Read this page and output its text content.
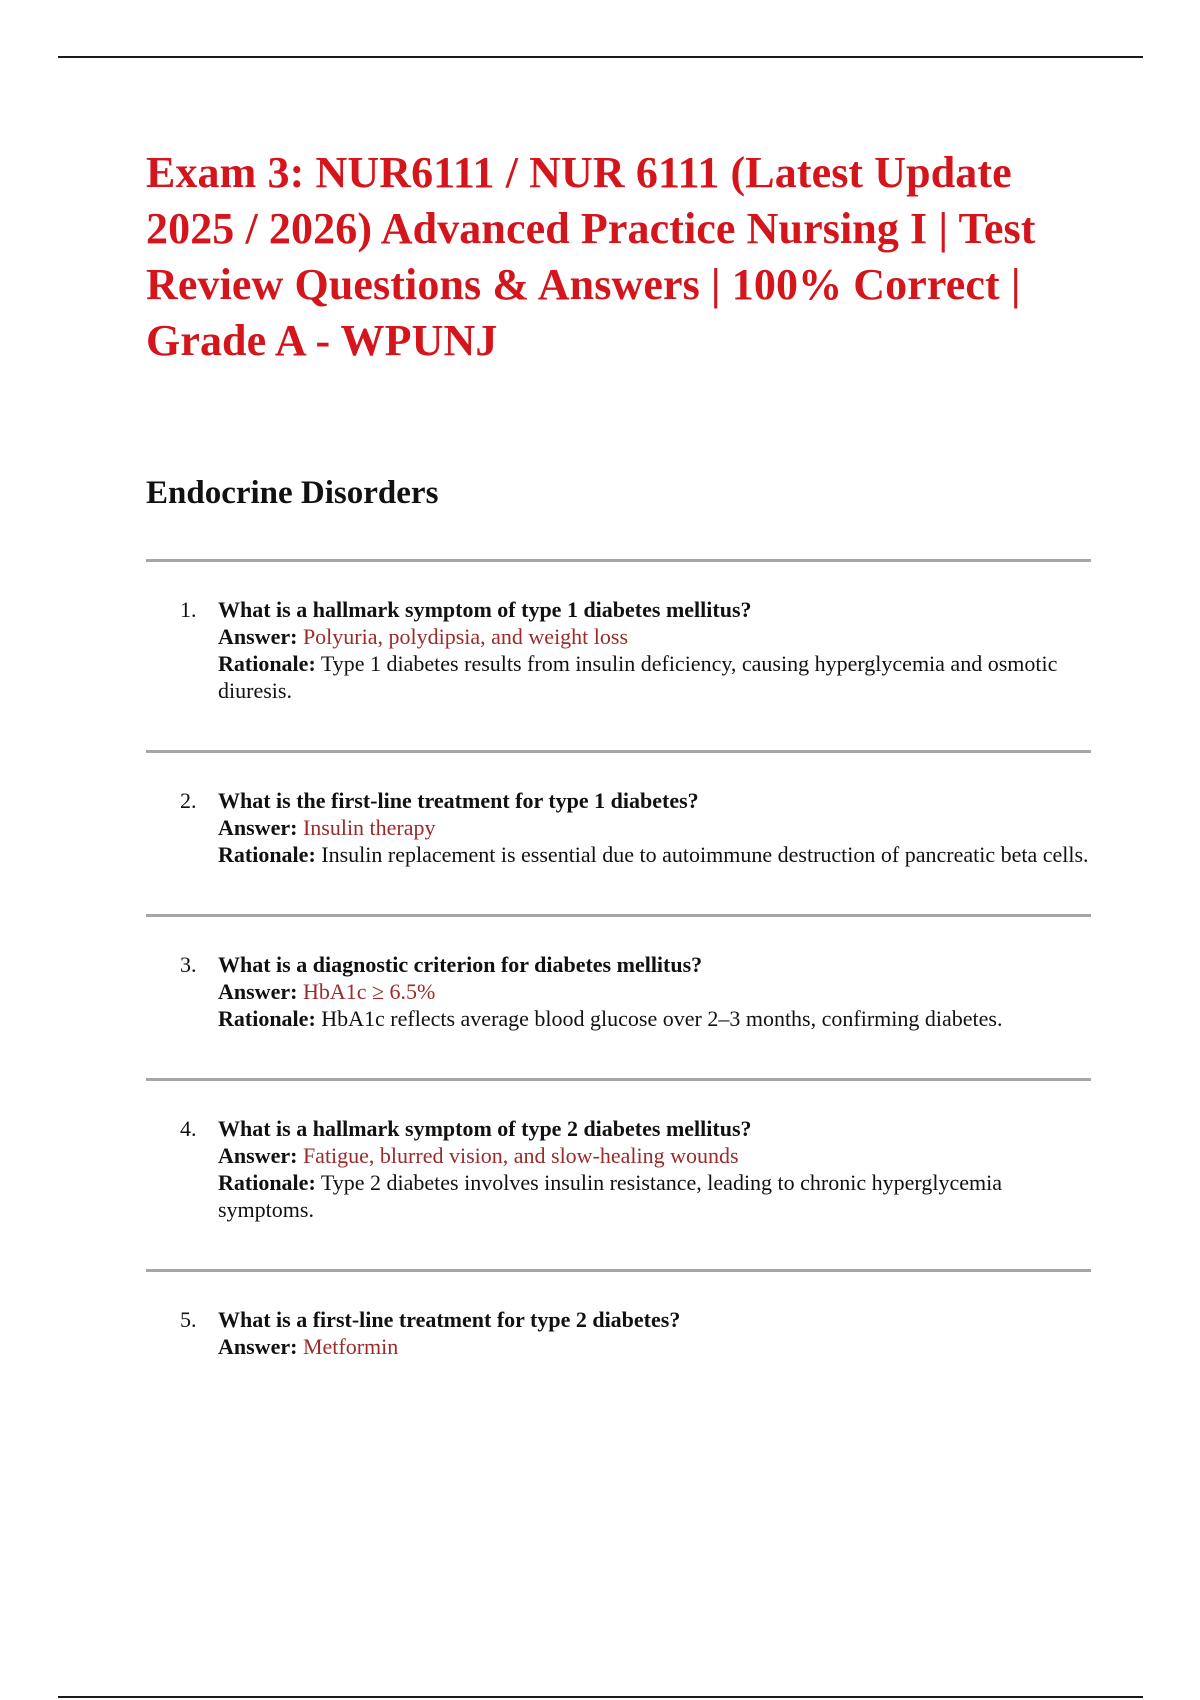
Exam 3: NUR6111 / NUR 6111 (Latest Update 2025 / 2026) Advanced Practice Nursing I | Test Review Questions & Answers | 100% Correct | Grade A - WPUNJ
Endocrine Disorders
1. What is a hallmark symptom of type 1 diabetes mellitus?
Answer: Polyuria, polydipsia, and weight loss
Rationale: Type 1 diabetes results from insulin deficiency, causing hyperglycemia and osmotic diuresis.
2. What is the first-line treatment for type 1 diabetes?
Answer: Insulin therapy
Rationale: Insulin replacement is essential due to autoimmune destruction of pancreatic beta cells.
3. What is a diagnostic criterion for diabetes mellitus?
Answer: HbA1c ≥ 6.5%
Rationale: HbA1c reflects average blood glucose over 2–3 months, confirming diabetes.
4. What is a hallmark symptom of type 2 diabetes mellitus?
Answer: Fatigue, blurred vision, and slow-healing wounds
Rationale: Type 2 diabetes involves insulin resistance, leading to chronic hyperglycemia symptoms.
5. What is a first-line treatment for type 2 diabetes?
Answer: Metformin
